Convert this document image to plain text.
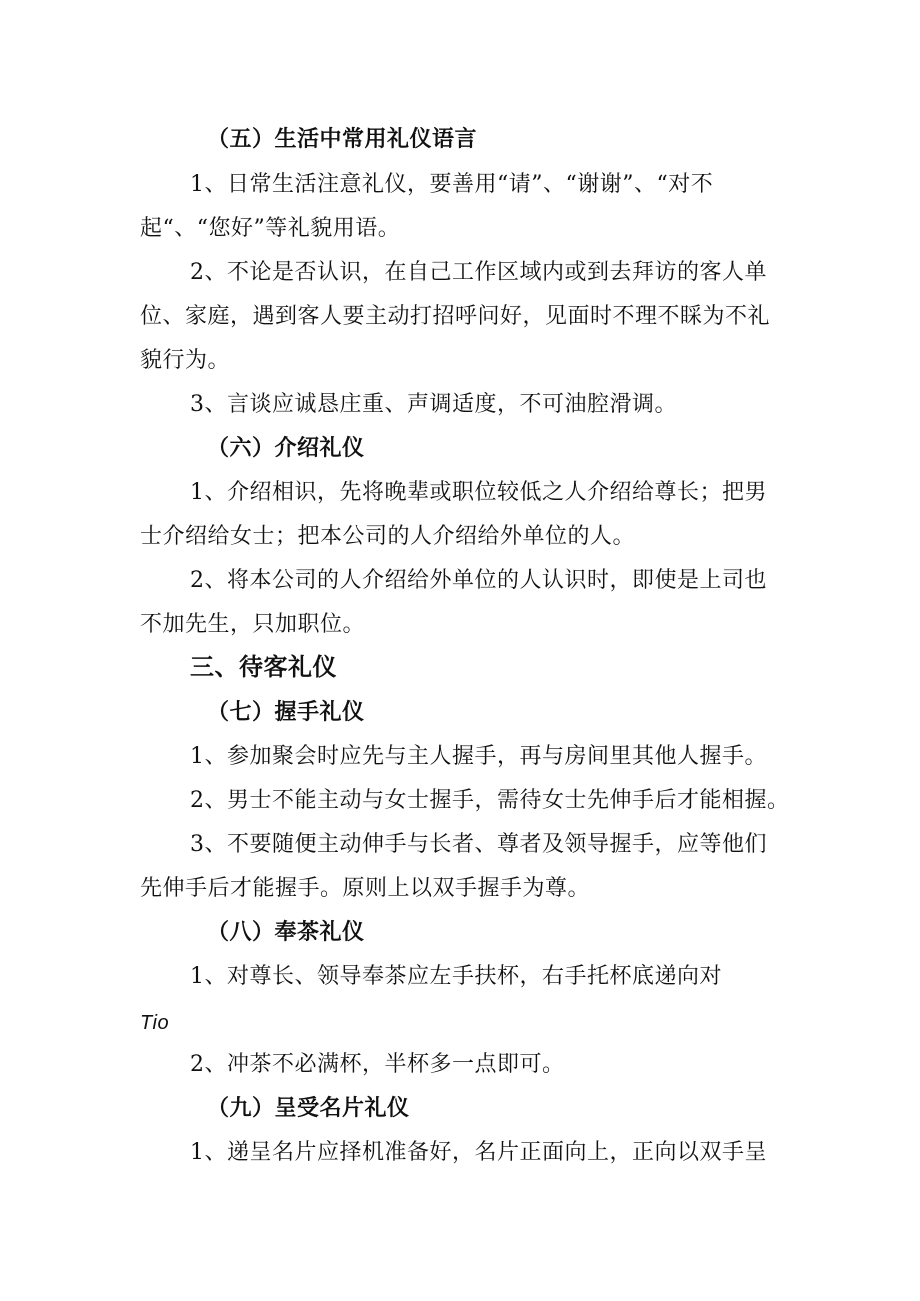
（五）生活中常用礼仪语言
1、日常生活注意礼仪，要善用“请”、“谢谢”、“对不
起“、“您好”等礼貌用语。
2、不论是否认识，在自己工作区域内或到去拜访的客人单
位、家庭，遇到客人要主动打招呼问好，见面时不理不睬为不礼
貌行为。
3、言谈应诚恳庄重、声调适度，不可油腔滑调。
（六）介绍礼仪
1、介绍相识，先将晚辈或职位较低之人介绍给尊长；把男
士介绍给女士；把本公司的人介绍给外单位的人。
2、将本公司的人介绍给外单位的人认识时，即使是上司也
不加先生，只加职位。
三、待客礼仪
（七）握手礼仪
1、参加聚会时应先与主人握手，再与房间里其他人握手。
2、男士不能主动与女士握手，需待女士先伸手后才能相握。
3、不要随便主动伸手与长者、尊者及领导握手，应等他们
先伸手后才能握手。原则上以双手握手为尊。
（八）奉茶礼仪
1、对尊长、领导奉茶应左手扶杯，右手托杯底递向对
Tio
2、冲茶不必满杯，半杯多一点即可。
（九）呈受名片礼仪
1、递呈名片应择机准备好，名片正面向上，正向以双手呈
